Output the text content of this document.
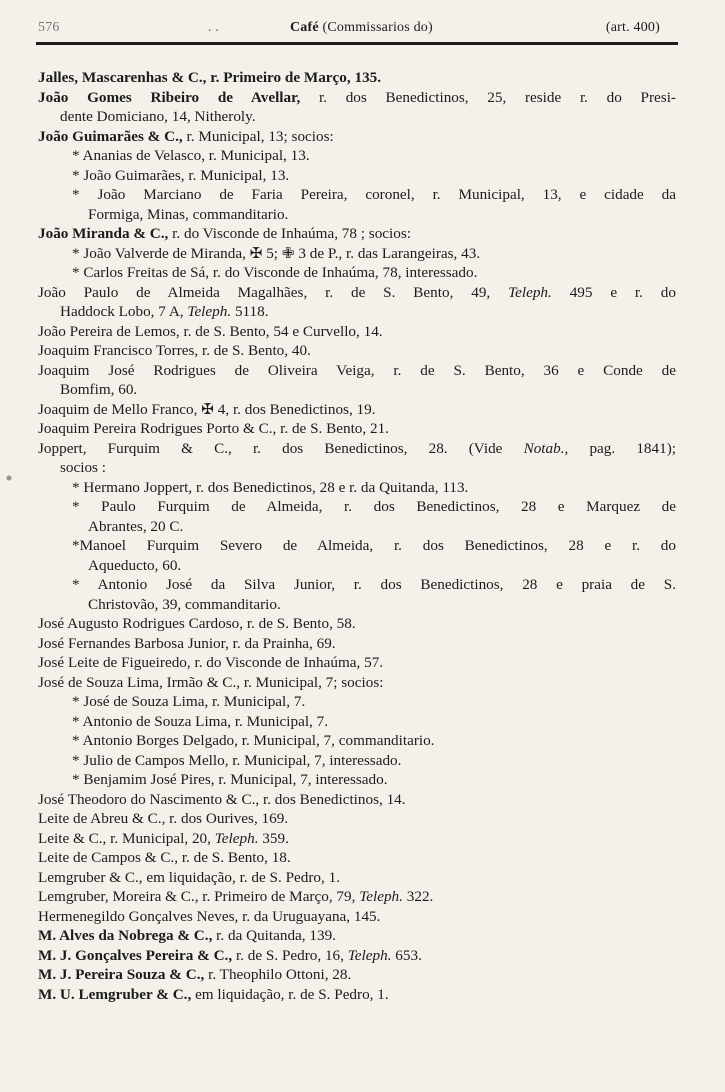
576	. .	Café (Commissarios do)	(art. 400)
Jalles, Mascarenhas & C., r. Primeiro de Março, 135.
João Gomes Ribeiro de Avellar, r. dos Benedictinos, 25, reside r. do Presi-
dente Domiciano, 14, Nitheroly.
João Guimarães & C., r. Municipal, 13; socios:
* Ananias de Velasco, r. Municipal, 13.
* João Guimarães, r. Municipal, 13.
* João Marciano de Faria Pereira, coronel, r. Municipal, 13, e cidade da
Formiga, Minas, commanditario.
João Miranda & C., r. do Visconde de Inhaúma, 78 ; socios:
* João Valverde de Miranda, ✠ 5; ✙ 3 de P., r. das Larangeiras, 43.
* Carlos Freitas de Sá, r. do Visconde de Inhaúma, 78, interessado.
João Paulo de Almeida Magalhães, r. de S. Bento, 49, Teleph. 495 e r. do
Haddock Lobo, 7 A, Teleph. 5118.
João Pereira de Lemos, r. de S. Bento, 54 e Curvello, 14.
Joaquim Francisco Torres, r. de S. Bento, 40.
Joaquim José Rodrigues de Oliveira Veiga, r. de S. Bento, 36 e Conde de
Bomfim, 60.
Joaquim de Mello Franco, ✠ 4, r. dos Benedictinos, 19.
Joaquim Pereira Rodrigues Porto & C., r. de S. Bento, 21.
Joppert, Furquim & C., r. dos Benedictinos, 28. (Vide Notab., pag. 1841);
socios :
* Hermano Joppert, r. dos Benedictinos, 28 e r. da Quitanda, 113.
* Paulo Furquim de Almeida, r. dos Benedictinos, 28 e Marquez de
Abrantes, 20 C.
*Manoel Furquim Severo de Almeida, r. dos Benedictinos, 28 e r. do
Aqueducto, 60.
* Antonio José da Silva Junior, r. dos Benedictinos, 28 e praia de S.
Christovão, 39, commanditario.
José Augusto Rodrigues Cardoso, r. de S. Bento, 58.
José Fernandes Barbosa Junior, r. da Prainha, 69.
José Leite de Figueiredo, r. do Visconde de Inhaúma, 57.
José de Souza Lima, Irmão & C., r. Municipal, 7; socios:
* José de Souza Lima, r. Municipal, 7.
* Antonio de Souza Lima, r. Municipal, 7.
* Antonio Borges Delgado, r. Municipal, 7, commanditario.
* Julio de Campos Mello, r. Municipal, 7, interessado.
* Benjamim José Pires, r. Municipal, 7, interessado.
José Theodoro do Nascimento & C., r. dos Benedictinos, 14.
Leite de Abreu & C., r. dos Ourives, 169.
Leite & C., r. Municipal, 20, Teleph. 359.
Leite de Campos & C., r. de S. Bento, 18.
Lemgruber & C., em liquidação, r. de S. Pedro, 1.
Lemgruber, Moreira & C., r. Primeiro de Março, 79, Teleph. 322.
Hermenegildo Gonçalves Neves, r. da Uruguayana, 145.
M. Alves da Nobrega & C., r. da Quitanda, 139.
M. J. Gonçalves Pereira & C., r. de S. Pedro, 16, Teleph. 653.
M. J. Pereira Souza & C., r. Theophilo Ottoni, 28.
M. U. Lemgruber & C., em liquidação, r. de S. Pedro, 1.
